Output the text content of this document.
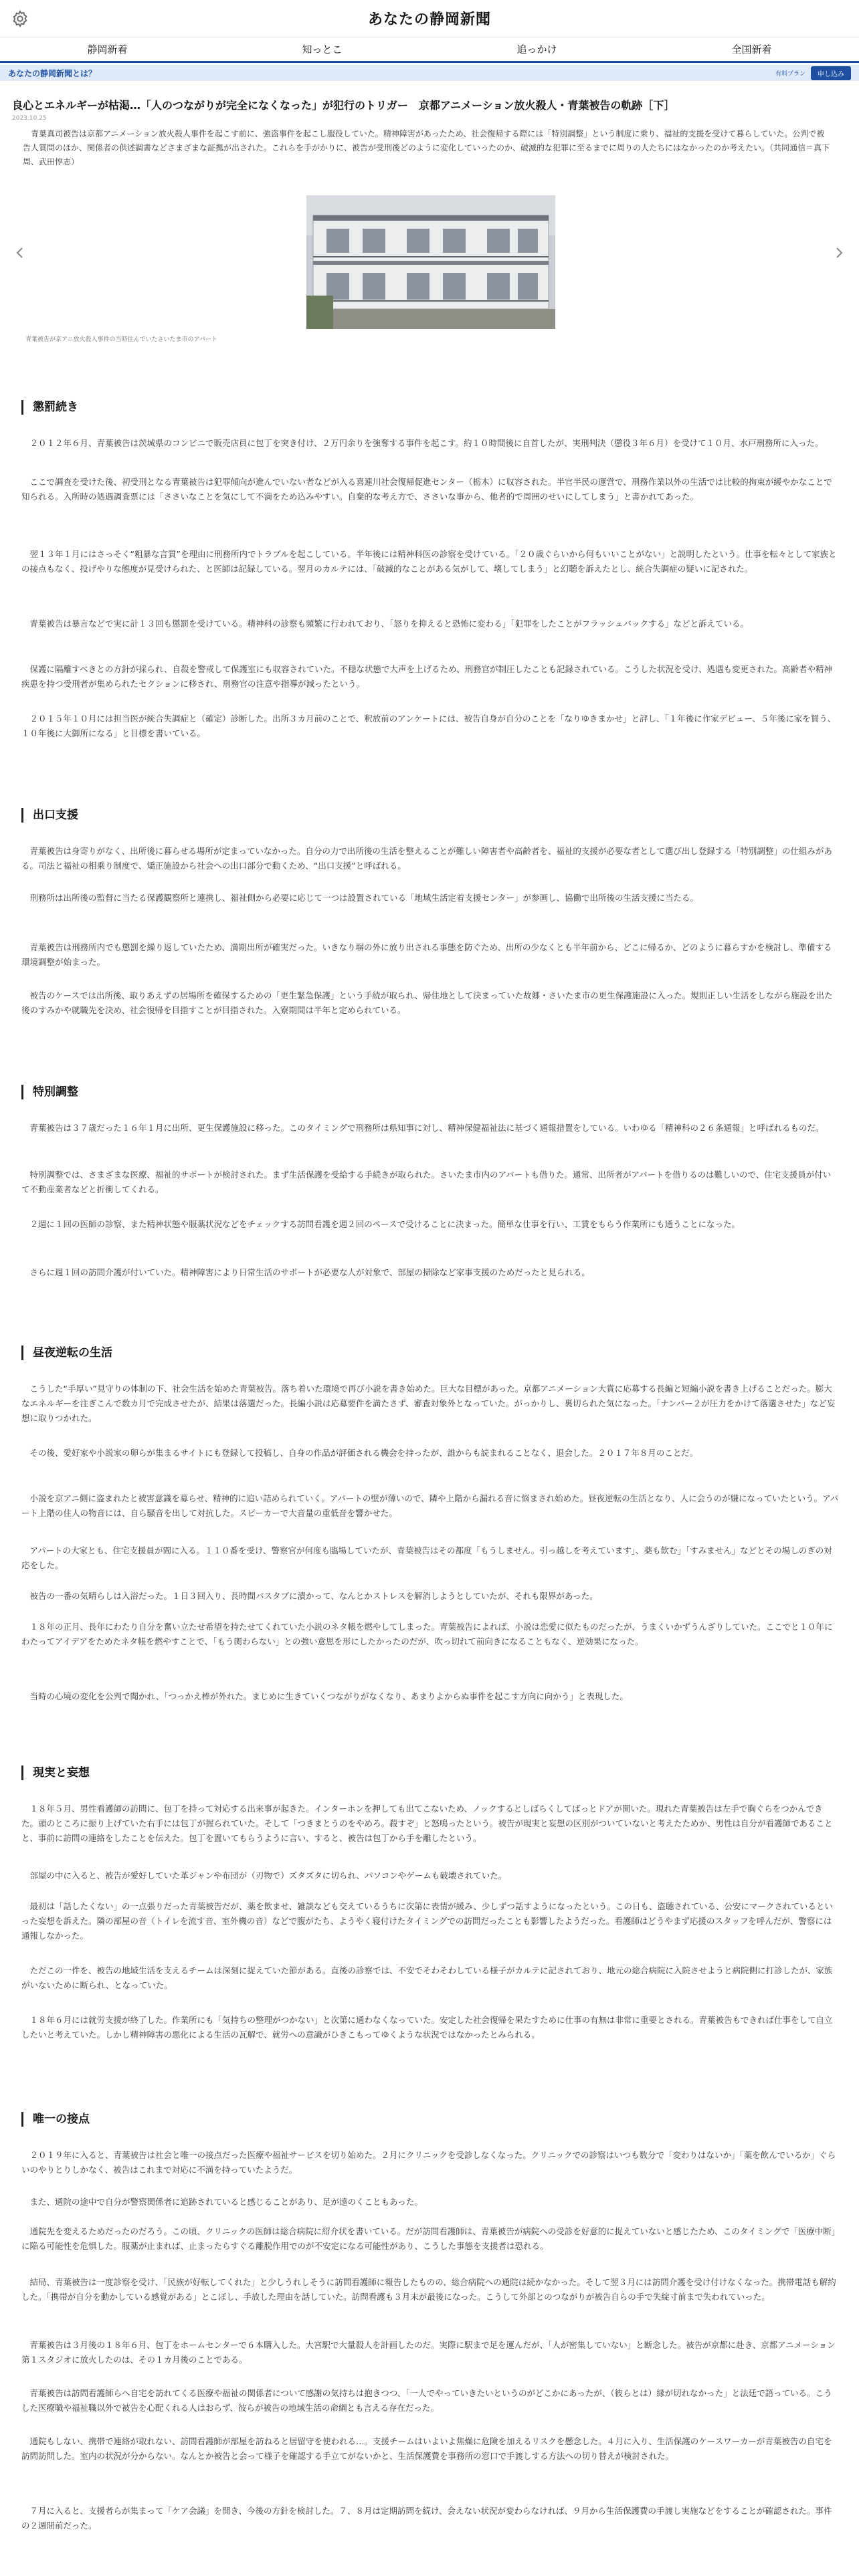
あなたの静岡新聞
静岡新着	知っとこ	追っかけ	全国新着
あなたの静岡新聞とは？	有料プラン	申し込み
良心とエネルギーが枯渇…「人のつながりが完全になくなった」が犯行のトリガー　京都アニメーション放火殺人・青葉被告の軌跡［下］
2023.10.25

　青葉真司被告は京都アニメーション放火殺人事件を起こす前に、強盗事件を起こし服役していた。精神障害があったため、社会復帰する際には「特別調整」という制度に乗り、福祉的支援を受けて暮らしていた。公判で被告人質問のほか、関係者の供述調書などさまざまな証拠が出された。これらを手がかりに、被告が受刑後どのように変化していったのか、破滅的な犯罪に至るまでに周りの人たちにはなかったのか考えたい。（共同通信＝真下周、武田惇志）

青葉被告が京アニ放火殺人事件の当時住んでいたさいたま市のアパート
懲罰続き

　２０１２年６月、青葉被告は茨城県のコンビニで販売店員に包丁を突き付け、２万円余りを強奪する事件を起こす。約１０時間後に自首したが、実刑判決（懲役３年６月）を受けて１０月、水戸刑務所に入った。

　ここで調査を受けた後、初受刑となる青葉被告は犯罪傾向が進んでいない者などが入る喜連川社会復帰促進センター（栃木）に収容された。半官半民の運営で、刑務作業以外の生活では比較的拘束が緩やかなことで知られる。入所時の処遇調査票には「ささいなことを気にして不満をため込みやすい。自棄的な考え方で、ささいな事から、他者的で周囲のせいにしてしまう」と書かれてあった。

　翌１３年１月にはさっそく“粗暴な言質”を理由に刑務所内でトラブルを起こしている。半年後には精神科医の診察を受けている。「２０歳ぐらいから何もいいことがない」と説明したという。仕事を転々として家族との接点もなく、投げやりな態度が見受けられた、と医師は記録している。翌月のカルテには、「破滅的なことがある気がして、壊してしまう」と幻聴を訴えたとし、統合失調症の疑いに記された。

　青葉被告は暴言などで実に計１３回も懲罰を受けている。精神科の診察も頻繁に行われており、「怒りを抑えると恐怖に変わる」「犯罪をしたことがフラッシュバックする」などと訴えている。

　保護に隔離すべきとの方針が採られ、自殺を警戒して保護室にも収容されていた。不穏な状態で大声を上げるため、刑務官が制圧したことも記録されている。こうした状況を受け、処遇も変更された。高齢者や精神疾患を持つ受刑者が集められたセクションに移され、刑務官の注意や指導が減ったという。

　２０１５年１０月には担当医が統合失調症と（確定）診断した。出所３カ月前のことで、釈放前のアンケートには、被告自身が自分のことを「なりゆきまかせ」と評し、「１年後に作家デビュー、５年後に家を買う、１０年後に大御所になる」と目標を書いている。

出口支援

　青葉被告は身寄りがなく、出所後に暮らせる場所が定まっていなかった。自分の力で出所後の生活を整えることが難しい障害者や高齢者を、福祉的支援が必要な者として選び出し登録する「特別調整」の仕組みがある。司法と福祉の相乗り制度で、矯正施設から社会への出口部分で動くため、“出口支援”と呼ばれる。

　刑務所は出所後の監督に当たる保護観察所と連携し、福祉側から必要に応じて一つは設置されている「地域生活定着支援センター」が参画し、協働で出所後の生活支援に当たる。

　青葉被告は刑務所内でも懲罰を繰り返していたため、満期出所が確実だった。いきなり塀の外に放り出される事態を防ぐため、出所の少なくとも半年前から、どこに帰るか、どのように暮らすかを検討し、準備する環境調整が始まった。

　被告のケースでは出所後、取りあえずの居場所を確保するための「更生緊急保護」という手続が取られ、帰住地として決まっていた故郷・さいたま市の更生保護施設に入った。規則正しい生活をしながら施設を出た後のすみかや就職先を決め、社会復帰を目指すことが目指された。入寮期間は半年と定められている。

特別調整

　青葉被告は３７歳だった１６年１月に出所、更生保護施設に移った。このタイミングで刑務所は県知事に対し、精神保健福祉法に基づく通報措置をしている。いわゆる「精神科の２６条通報」と呼ばれるものだ。

　特別調整では、さまざまな医療、福祉的サポートが検討された。まず生活保護を受給する手続きが取られた。さいたま市内のアパートも借りた。通常、出所者がアパートを借りるのは難しいので、住宅支援員が付いて不動産業者などと折衝してくれる。

　２週に１回の医師の診察、また精神状態や服薬状況などをチェックする訪問看護を週２回のペースで受けることに決まった。簡単な仕事を行い、工賃をもらう作業所にも通うことになった。

　さらに週１回の訪問介護が付いていた。精神障害により日常生活のサポートが必要な人が対象で、部屋の掃除など家事支援のためだったと見られる。

昼夜逆転の生活

　こうした“手厚い”見守りの体制の下、社会生活を始めた青葉被告。落ち着いた環境で再び小説を書き始めた。巨大な目標があった。京都アニメーション大賞に応募する長編と短編小説を書き上げることだった。膨大なエネルギーを注ぎこんで数カ月で完成させたが、結果は落選だった。長編小説は応募要件を満たさず、審査対象外となっていた。がっかりし、裏切られた気になった。「ナンバー２が圧力をかけて落選させた」など妄想に取りつかれた。

　その後、愛好家や小説家の卵らが集まるサイトにも登録して投稿し、自身の作品が評価される機会を持ったが、誰からも読まれることなく、退会した。２０１７年８月のことだ。

　小説を京アニ側に盗まれたと被害意識を募らせ、精神的に追い詰められていく。アパートの壁が薄いので、隣や上階から漏れる音に悩まされ始めた。昼夜逆転の生活となり、人に会うのが嫌になっていたという。アパート上階の住人の物音には、自ら騒音を出して対抗した。スピーカーで大音量の重低音を響かせた。

　アパートの大家とも、住宅支援員が間に入る。１１０番を受け、警察官が何度も臨場していたが、青葉被告はその都度「もうしません。引っ越しを考えています」、薬も飲む」「すみません」などとその場しのぎの対応をした。

　被告の一番の気晴らしは入浴だった。１日３回入り、長時間バスタブに漬かって、なんとかストレスを解消しようとしていたが、それも限界があった。

　１８年の正月、長年にわたり自分を奮い立たせ希望を持たせてくれていた小説のネタ帳を燃やしてしまった。青葉被告によれば、小説は恋愛に似たものだったが、うまくいかずうんざりしていた。ここでと１０年にわたってアイデアをためたネタ帳を燃やすことで、「もう関わらない」との強い意思を形にしたかったのだが、吹っ切れて前向きになることもなく、逆効果になった。

　当時の心境の変化を公判で聞かれ、「つっかえ棒が外れた。まじめに生きていくつながりがなくなり、あまりよからぬ事件を起こす方向に向かう」と表現した。

現実と妄想

　１８年５月、男性看護師の訪問に、包丁を持って対応する出来事が起きた。インターホンを押しても出てこないため、ノックするとしばらくしてばっとドアが開いた。現れた青葉被告は左手で胸ぐらをつかんできた。頭のところに振り上げていた右手には包丁が握られていた。そして「つきまとうのをやめろ。殺すぞ」と怒鳴ったという。被告が現実と妄想の区別がついていないと考えたためか、男性は自分が看護師であることと、事前に訪問の連絡をしたことを伝えた。包丁を置いてもらうように言い、すると、被告は包丁から手を離したという。

　部屋の中に入ると、被告が愛好していた革ジャンや布団が（刃物で）ズタズタに切られ、パソコンやゲームも破壊されていた。

　最初は「話したくない」の一点張りだった青葉被告だが、薬を飲ませ、雑談なども交えているうちに次第に表情が緩み、少しずつ話すようになったという。この日も、盗聴されている、公安にマークされているといった妄想を訴えた。隣の部屋の音（トイレを流す音、室外機の音）などで腹がたち、ようやく寝付けたタイミングでの訪問だったことも影響したようだった。看護師はどうやまず応援のスタッフを呼んだが、警察には通報しなかった。

　ただこの一件を、被告の地域生活を支えるチームは深刻に捉えていた節がある。直後の診察では、不安でそわそわしている様子がカルテに記されており、地元の総合病院に入院させようと病院側に打診したが、家族がいないために断られ、となっていた。

　１８年６月には就労支援が終了した。作業所にも「気持ちの整理がつかない」と次第に通わなくなっていた。安定した社会復帰を果たすために仕事の有無は非常に重要とされる。青葉被告もできれば仕事をして自立したいと考えていた。しかし精神障害の悪化による生活の瓦解で、就労への意識がひきこもってゆくような状況ではなかったとみられる。

唯一の接点

　２０１９年に入ると、青葉被告は社会と唯一の接点だった医療や福祉サービスを切り始めた。２月にクリニックを受診しなくなった。クリニックでの診察はいつも数分で「変わりはないか」「薬を飲んでいるか」ぐらいのやりとりしかなく、被告はこれまで対応に不満を持っていたようだ。

　また、通院の途中で自分が警察関係者に追跡されていると感じることがあり、足が遠のくこともあった。

　通院先を変えるためだったのだろう。この頃、クリニックの医師は総合病院に紹介状を書いている。だが訪問看護師は、青葉被告が病院への受診を好意的に捉えていないと感じたため、このタイミングで「医療中断」に陥る可能性を危惧した。服薬が止まれば、止まったらすぐる離脱作用でのが不安定になる可能性があり、こうした事態を支援者は恐れる。

　結局、青葉被告は一度診察を受け、「民族が好転してくれた」と少しうれしそうに訪問看護師に報告したものの、総合病院への通院は続かなかった。そして翌３月には訪問介護を受け付けなくなった。携帯電話も解約した。「携帯が自分を動かしている感覚がある」とこぼし、手放した理由を話していた。訪問看護も３月末が最後になった。こうして外部とのつながりが被告自らの手で失綻寸前まで失われていった。

　青葉被告は３月後の１８年６月、包丁をホームセンターで６本購入した。大宮駅で大量殺人を計画したのだ。実際に駅まで足を運んだが、「人が密集していない」と断念した。被告が京都に赴き、京都アニメーション第１スタジオに放火したのは、その１カ月後のことである。

　青葉被告は訪問看護師らへ自宅を訪れてくる医療や福祉の関係者について感謝の気持ちは抱きつつ、「一人でやっていきたいというのがどこかにあったが、（彼らとは）縁が切れなかった」と法廷で語っている。こうした医療職や福祉職以外で被告を心配くれる人はおらず、彼らが被告の地域生活の命綱とも言える存在だった。

　通院もしない、携帯で連絡が取れない、訪問看護師が部屋を訪ねると居留守を使われる…。支援チームはいよいよ焦燥に危険を加えるリスクを懸念した。４月に入り、生活保護のケースワーカーが青葉被告の自宅を訪問訪問した。室内の状況が分からない。なんとか被告と会って様子を確認する手立てがないかと、生活保護費を事務所の窓口で手渡しする方法への切り替えが検討された。

　７月に入ると、支援者らが集まって「ケア会議」を開き、今後の方針を検討した。７、８月は定期訪問を続け、会えない状況が変わらなければ、９月から生活保護費の手渡し実施などをすることが確認された。事件の２週間前だった。
